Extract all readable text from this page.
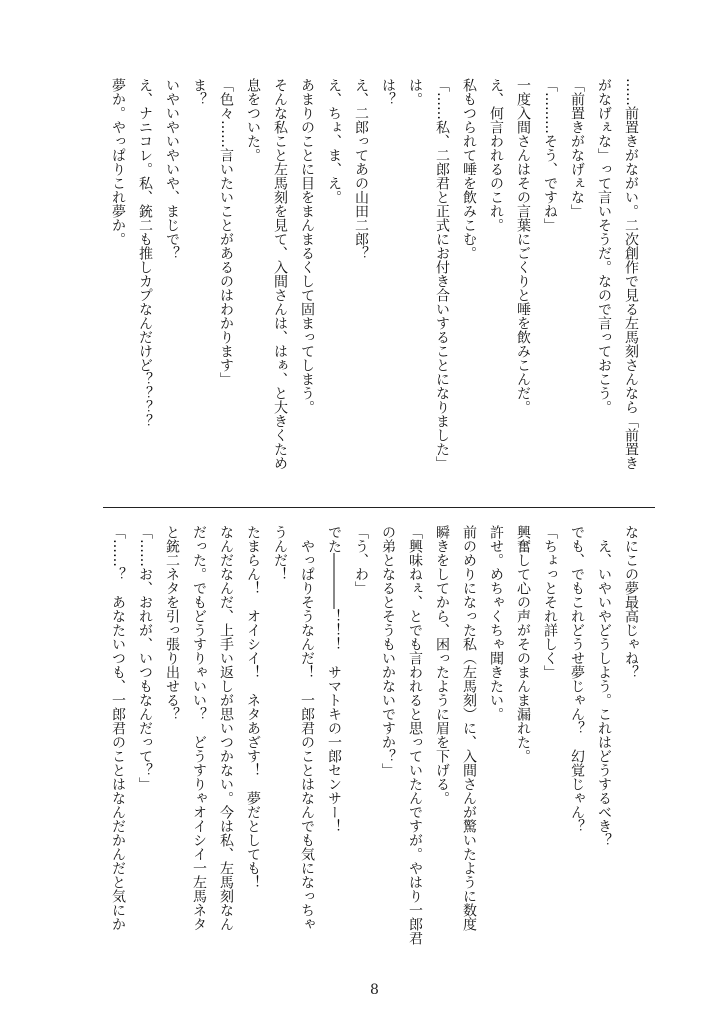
……前置きがながい。二次創作で見る左馬刻さんなら「前置き
がなげぇな」って言いそうだ。なので言っておこう。
「前置きがなげぇな」
「………そう、ですね」
一度入間さんはその言葉にごくりと唾を飲みこんだ。
え、何言われるのこれ。
私もつられて唾を飲みこむ。
「……私、二郎君と正式にお付き合いすることになりました」
は。
は？
え、二郎ってあの山田二郎？
え、ちょ、ま、え。
あまりのことに目をまんまるくして固まってしまう。
そんな私こと左馬刻を見て、入間さんは、はぁ、と大きくため
息をついた。
「色々……言いたいことがあるのはわかります」
ま？
いやいやいやいや、まじで？
え、ナニコレ。私、銃二も推しカプなんだけど？？？？
夢か。やっぱりこれ夢か。
なにこの夢最高じゃね？
　え、いやいやどうしよう。これはどうするべき？
でも、でもこれどうせ夢じゃん？　幻覚じゃん？
「ちょっとそれ詳しく」
興奮して心の声がそのまんま漏れた。
許せ。めちゃくちゃ聞きたい。
前のめりになった私（左馬刻）に、入間さんが驚いたように数度
瞬きをしてから、困ったように眉を下げる。
「興味ねぇ、とでも言われると思っていたんですが。やはり一郎君
の弟となるとそうもいかないですか？」
「う、わ」
でた――――！！！　サマトキの一郎センサー！
　やっぱりそうなんだ！　一郎君のことはなんでも気になっちゃ
うんだ！
たまらん！　オイシイ！　ネタあざす！　夢だとしても！
なんだなんだ、上手い返しが思いつかない。今は私、左馬刻なん
だった。でもどうすりゃいい？　どうすりゃオイシイ一左馬ネタ
と銃二ネタを引っ張り出せる？
「……お、おれが、いつもなんだって？」
「……？　あなたいつも、一郎君のことはなんだかんだと気にか
8
